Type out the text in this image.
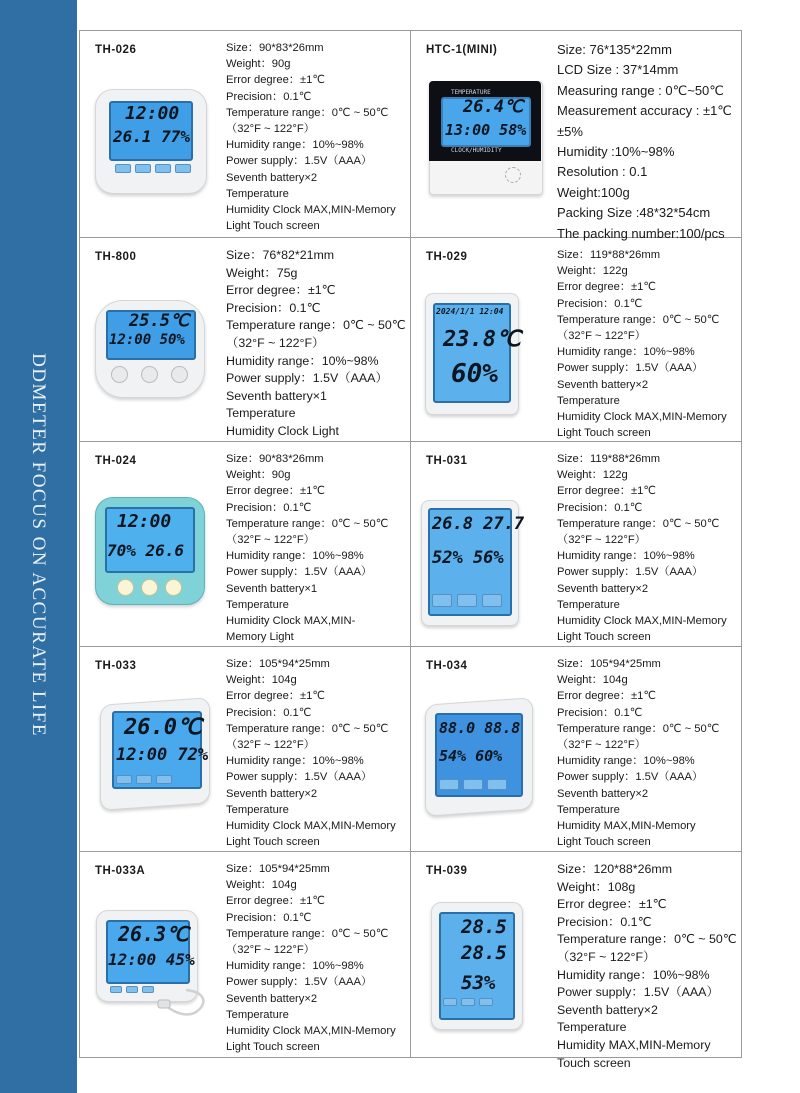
DDMETER FOCUS ON ACCURATE LIFE
TH-026	Size：90*83*26mm
Weight：90g
Error degree：±1℃
Precision：0.1℃
Temperature range：0℃ ~ 50℃
（32°F ~ 122°F）
Humidity range：10%~98%
Power supply：1.5V（AAA）
Seventh battery×2
Temperature
Humidity Clock MAX,MIN-Memory
Light Touch screen
12:00
26.1 77%
HTC-1(MINI)	Size: 76*135*22mm
LCD Size : 37*14mm
Measuring range : 0℃~50℃
Measurement accuracy : ±1℃ ±5%
Humidity :10%~98%
Resolution : 0.1
Weight:100g
Packing Size :48*32*54cm
The packing number:100/pcs
TEMPERATURE
26.4℃
13:00 58%
CLOCK/HUMIDITY
TH-800	Size：76*82*21mm
Weight：75g
Error degree：±1℃
Precision：0.1℃
Temperature range：0℃ ~ 50℃
（32°F ~ 122°F）
Humidity range：10%~98%
Power supply：1.5V（AAA）
Seventh battery×1
Temperature
Humidity Clock Light
25.5℃
12:00 50%
TH-029	Size：119*88*26mm
Weight：122g
Error degree：±1℃
Precision：0.1℃
Temperature range：0℃ ~ 50℃
（32°F ~ 122°F）
Humidity range：10%~98%
Power supply：1.5V（AAA）
Seventh battery×2
Temperature
Humidity Clock MAX,MIN-Memory
Light Touch screen
2024/1/1 12:04
23.8℃
60%
TH-024	Size：90*83*26mm
Weight：90g
Error degree：±1℃
Precision：0.1℃
Temperature range：0℃ ~ 50℃
（32°F ~ 122°F）
Humidity range：10%~98%
Power supply：1.5V（AAA）
Seventh battery×1
Temperature
Humidity Clock MAX,MIN-
Memory Light
12:00
70% 26.6
TH-031	Size：119*88*26mm
Weight：122g
Error degree：±1℃
Precision：0.1℃
Temperature range：0℃ ~ 50℃
（32°F ~ 122°F）
Humidity range：10%~98%
Power supply：1.5V（AAA）
Seventh battery×2
Temperature
Humidity Clock MAX,MIN-Memory
Light Touch screen
26.8 27.7
52% 56%
TH-033	Size：105*94*25mm
Weight：104g
Error degree：±1℃
Precision：0.1℃
Temperature range：0℃ ~ 50℃
（32°F ~ 122°F）
Humidity range：10%~98%
Power supply：1.5V（AAA）
Seventh battery×2
Temperature
Humidity Clock MAX,MIN-Memory
Light Touch screen
26.0℃
12:00 72%
TH-034	Size：105*94*25mm
Weight：104g
Error degree：±1℃
Precision：0.1℃
Temperature range：0℃ ~ 50℃
（32°F ~ 122°F）
Humidity range：10%~98%
Power supply：1.5V（AAA）
Seventh battery×2
Temperature
Humidity MAX,MIN-Memory
Light Touch screen
88.0 88.8
54% 60%
TH-033A	Size：105*94*25mm
Weight：104g
Error degree：±1℃
Precision：0.1℃
Temperature range：0℃ ~ 50℃
（32°F ~ 122°F）
Humidity range：10%~98%
Power supply：1.5V（AAA）
Seventh battery×2
Temperature
Humidity Clock MAX,MIN-Memory
Light Touch screen
26.3℃
12:00 45%
TH-039	Size：120*88*26mm
Weight：108g
Error degree：±1℃
Precision：0.1℃
Temperature range：0℃ ~ 50℃
（32°F ~ 122°F）
Humidity range：10%~98%
Power supply：1.5V（AAA）
Seventh battery×2
Temperature
Humidity MAX,MIN-Memory
Touch screen
28.5
28.5
53%
